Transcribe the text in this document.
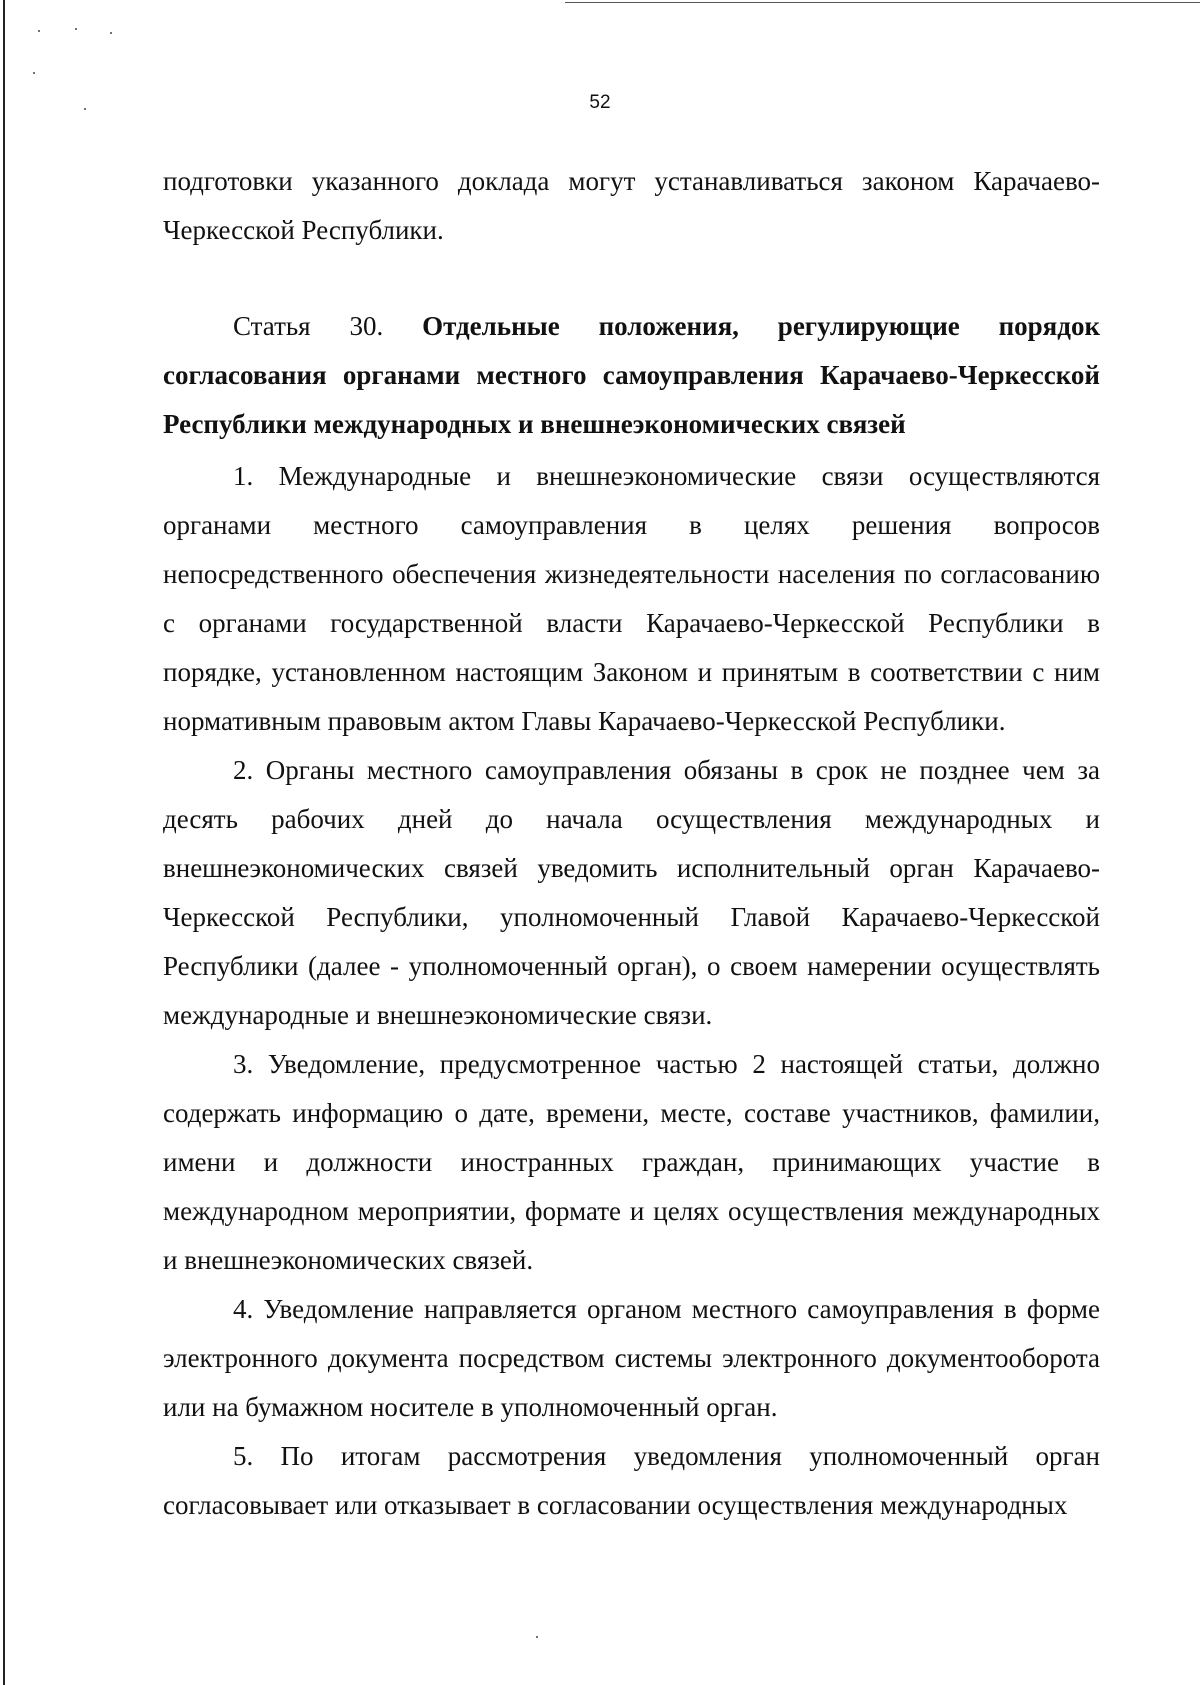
52

подготовки указанного доклада могут устанавливаться законом Карачаево-Черкесской Республики.

Статья 30. Отдельные положения, регулирующие порядок согласования органами местного самоуправления Карачаево-Черкесской Республики международных и внешнеэкономических связей

1. Международные и внешнеэкономические связи осуществляются органами местного самоуправления в целях решения вопросов непосредственного обеспечения жизнедеятельности населения по согласованию с органами государственной власти Карачаево-Черкесской Республики в порядке, установленном настоящим Законом и принятым в соответствии с ним нормативным правовым актом Главы Карачаево-Черкесской Республики.

2. Органы местного самоуправления обязаны в срок не позднее чем за десять рабочих дней до начала осуществления международных и внешнеэкономических связей уведомить исполнительный орган Карачаево-Черкесской Республики, уполномоченный Главой Карачаево-Черкесской Республики (далее - уполномоченный орган), о своем намерении осуществлять международные и внешнеэкономические связи.

3. Уведомление, предусмотренное частью 2 настоящей статьи, должно содержать информацию о дате, времени, месте, составе участников, фамилии, имени и должности иностранных граждан, принимающих участие в международном мероприятии, формате и целях осуществления международных и внешнеэкономических связей.

4. Уведомление направляется органом местного самоуправления в форме электронного документа посредством системы электронного документооборота или на бумажном носителе в уполномоченный орган.

5. По итогам рассмотрения уведомления уполномоченный орган согласовывает или отказывает в согласовании осуществления международных
